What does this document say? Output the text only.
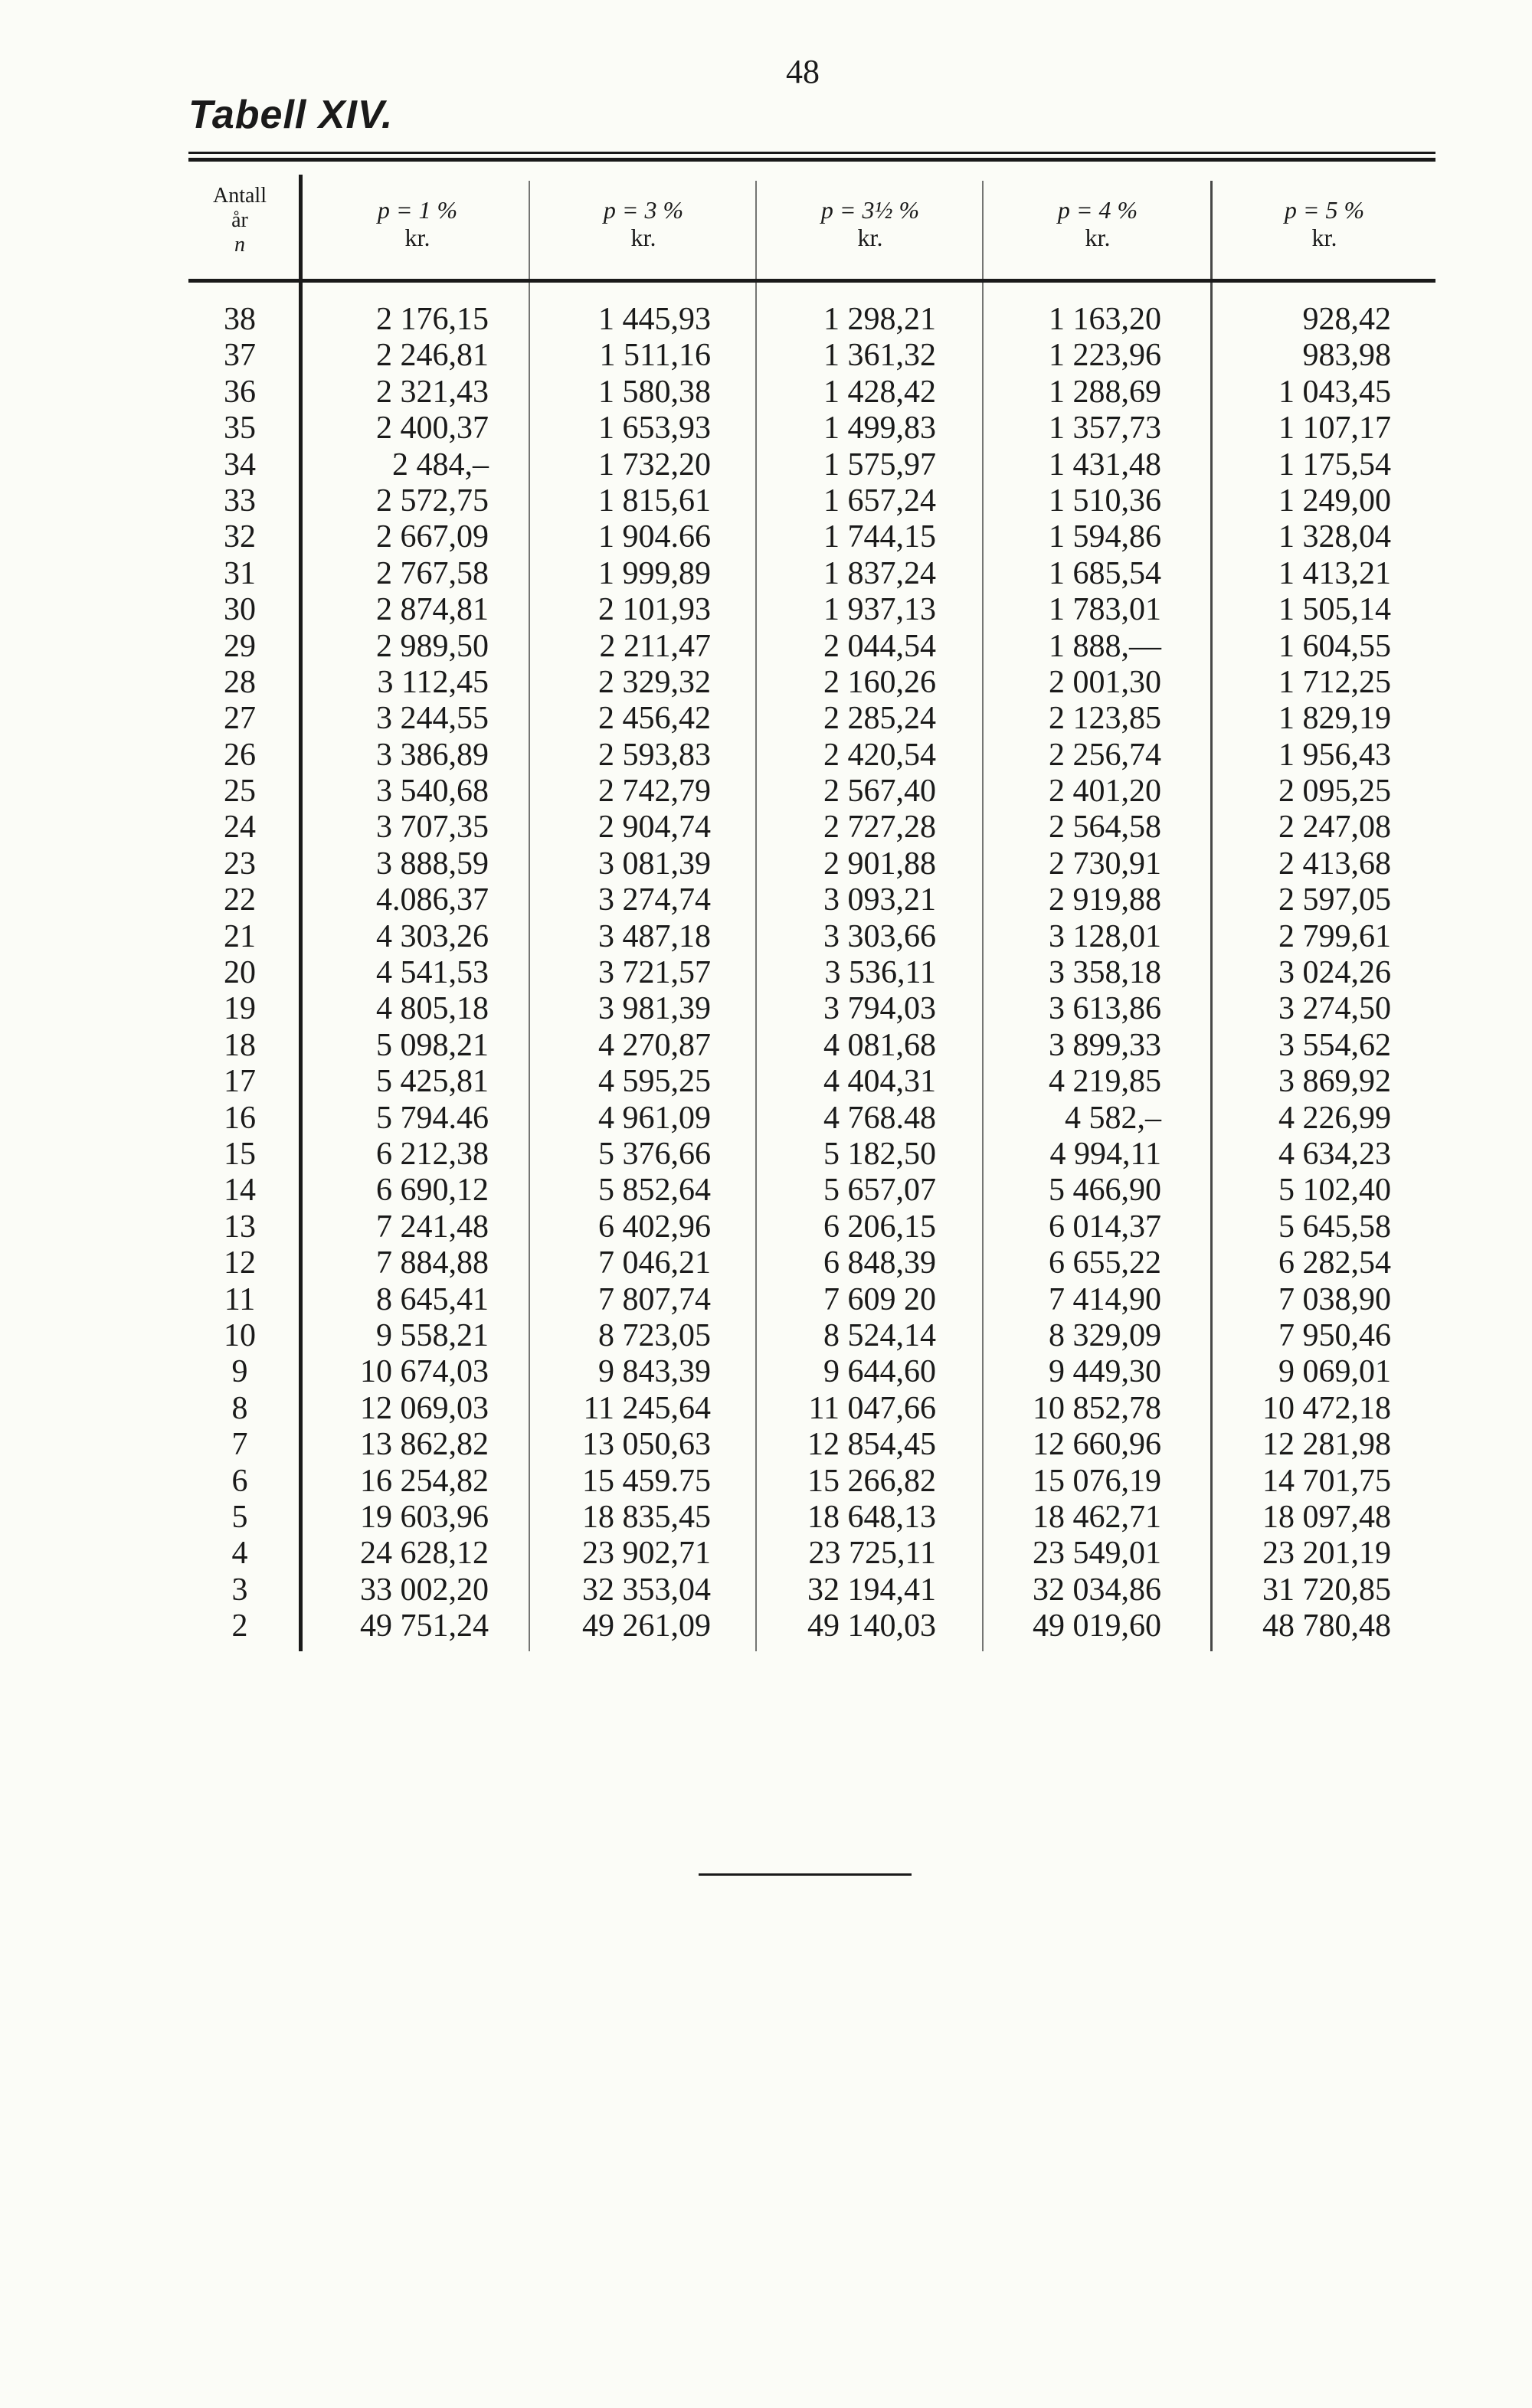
48
Tabell XIV.
Antall
år
n
p = 1 %
kr.
p = 3 %
kr.
p = 3½ %
kr.
p = 4 %
kr.
p = 5 %
kr.
38
37
36
35
34
33
32
31
30
29
28
27
26
25
24
23
22
21
20
19
18
17
16
15
14
13
12
11
10
9
8
7
6
5
4
3
2
2 176,15
2 246,81
2 321,43
2 400,37
2 484,–
2 572,75
2 667,09
2 767,58
2 874,81
2 989,50
3 112,45
3 244,55
3 386,89
3 540,68
3 707,35
3 888,59
4.086,37
4 303,26
4 541,53
4 805,18
5 098,21
5 425,81
5 794.46
6 212,38
6 690,12
7 241,48
7 884,88
8 645,41
9 558,21
10 674,03
12 069,03
13 862,82
16 254,82
19 603,96
24 628,12
33 002,20
49 751,24
1 445,93
1 511,16
1 580,38
1 653,93
1 732,20
1 815,61
1 904.66
1 999,89
2 101,93
2 211,47
2 329,32
2 456,42
2 593,83
2 742,79
2 904,74
3 081,39
3 274,74
3 487,18
3 721,57
3 981,39
4 270,87
4 595,25
4 961,09
5 376,66
5 852,64
6 402,96
7 046,21
7 807,74
8 723,05
9 843,39
11 245,64
13 050,63
15 459.75
18 835,45
23 902,71
32 353,04
49 261,09
1 298,21
1 361,32
1 428,42
1 499,83
1 575,97
1 657,24
1 744,15
1 837,24
1 937,13
2 044,54
2 160,26
2 285,24
2 420,54
2 567,40
2 727,28
2 901,88
3 093,21
3 303,66
3 536,11
3 794,03
4 081,68
4 404,31
4 768.48
5 182,50
5 657,07
6 206,15
6 848,39
7 609 20
8 524,14
9 644,60
11 047,66
12 854,45
15 266,82
18 648,13
23 725,11
32 194,41
49 140,03
1 163,20
1 223,96
1 288,69
1 357,73
1 431,48
1 510,36
1 594,86
1 685,54
1 783,01
1 888,—
2 001,30
2 123,85
2 256,74
2 401,20
2 564,58
2 730,91
2 919,88
3 128,01
3 358,18
3 613,86
3 899,33
4 219,85
4 582,–
4 994,11
5 466,90
6 014,37
6 655,22
7 414,90
8 329,09
9 449,30
10 852,78
12 660,96
15 076,19
18 462,71
23 549,01
32 034,86
49 019,60
928,42
983,98
1 043,45
1 107,17
1 175,54
1 249,00
1 328,04
1 413,21
1 505,14
1 604,55
1 712,25
1 829,19
1 956,43
2 095,25
2 247,08
2 413,68
2 597,05
2 799,61
3 024,26
3 274,50
3 554,62
3 869,92
4 226,99
4 634,23
5 102,40
5 645,58
6 282,54
7 038,90
7 950,46
9 069,01
10 472,18
12 281,98
14 701,75
18 097,48
23 201,19
31 720,85
48 780,48
